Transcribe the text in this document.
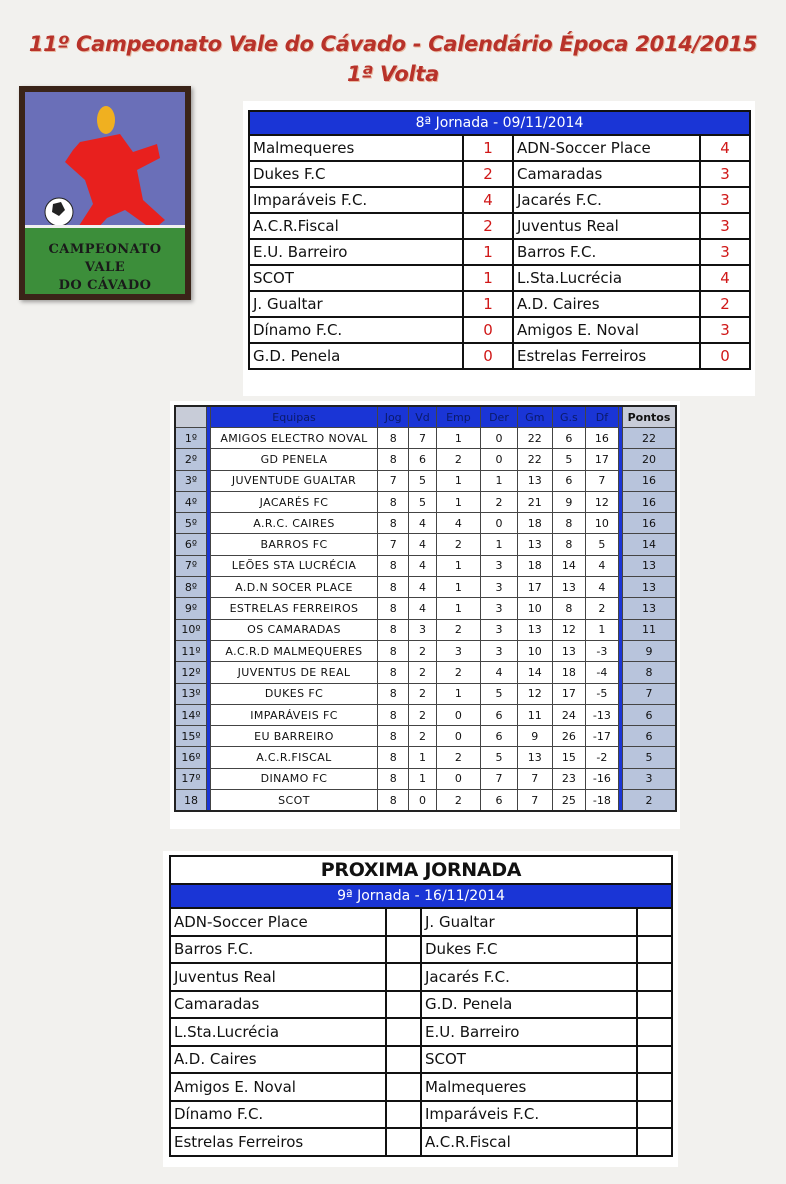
11º Campeonato Vale do Cávado - Calendário Época 2014/2015
1ª Volta
CAMPEONATO
VALE
DO CÁVADO
8ª Jornada - 09/11/2014			
Malmequeres	1	ADN-Soccer Place	4
Dukes F.C	2	Camaradas	3
Imparáveis F.C.	4	Jacarés F.C.	3
A.C.R.Fiscal	2	Juventus Real	3
E.U. Barreiro	1	Barros F.C.	3
SCOT	1	L.Sta.Lucrécia	4
J. Gualtar	1	A.D. Caires	2
Dínamo F.C.	0	Amigos E. Noval	3
G.D. Penela	0	Estrelas Ferreiros	0
		Equipas	Jog	Vd	Emp	Der	Gm	G.s	Df		Pontos
1º		AMIGOS ELECTRO NOVAL	8	7	1	0	22	6	16		22
2º		GD PENELA	8	6	2	0	22	5	17		20
3º		JUVENTUDE GUALTAR	7	5	1	1	13	6	7		16
4º		JACARÉS FC	8	5	1	2	21	9	12		16
5º		A.R.C. CAIRES	8	4	4	0	18	8	10		16
6º		BARROS FC	7	4	2	1	13	8	5		14
7º		LEÕES STA LUCRÉCIA	8	4	1	3	18	14	4		13
8º		A.D.N SOCER PLACE	8	4	1	3	17	13	4		13
9º		ESTRELAS FERREIROS	8	4	1	3	10	8	2		13
10º		OS CAMARADAS	8	3	2	3	13	12	1		11
11º		A.C.R.D MALMEQUERES	8	2	3	3	10	13	-3		9
12º		JUVENTUS DE REAL	8	2	2	4	14	18	-4		8
13º		DUKES FC	8	2	1	5	12	17	-5		7
14º		IMPARÁVEIS FC	8	2	0	6	11	24	-13		6
15º		EU BARREIRO	8	2	0	6	9	26	-17		6
16º		A.C.R.FISCAL	8	1	2	5	13	15	-2		5
17º		DINAMO FC	8	1	0	7	7	23	-16		3
18		SCOT	8	0	2	6	7	25	-18		2
PROXIMA JORNADA			
9ª Jornada - 16/11/2014			
ADN-Soccer Place		J. Gualtar	
Barros F.C.		Dukes F.C	
Juventus Real		Jacarés F.C.	
Camaradas		G.D. Penela	
L.Sta.Lucrécia		E.U. Barreiro	
A.D. Caires		SCOT	
Amigos E. Noval		Malmequeres	
Dínamo F.C.		Imparáveis F.C.	
Estrelas Ferreiros		A.C.R.Fiscal	
